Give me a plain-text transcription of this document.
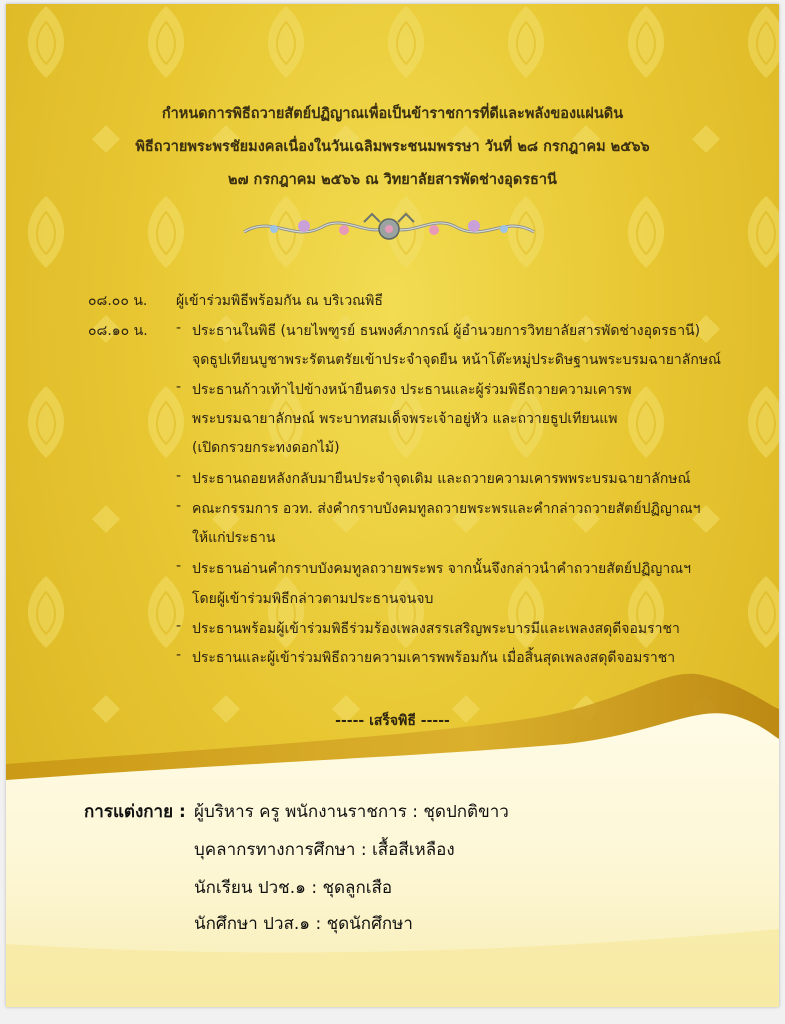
กำหนดการพิธีถวายสัตย์ปฏิญาณเพื่อเป็นข้าราชการที่ดีและพลังของแผ่นดิน
พิธีถวายพระพรชัยมงคลเนื่องในวันเฉลิมพระชนมพรรษา วันที่ ๒๘ กรกฎาคม ๒๕๖๖
๒๗ กรกฎาคม ๒๕๖๖ ณ วิทยาลัยสารพัดช่างอุดรธานี
๐๘.๐๐ น. ผู้เข้าร่วมพิธีพร้อมกัน ณ บริเวณพิธี
๐๘.๑๐ น. - ประธานในพิธี (นายไพฑูรย์ ธนพงศ์ภากรณ์ ผู้อำนวยการวิทยาลัยสารพัดช่างอุดรธานี)
จุดธูปเทียนบูชาพระรัตนตรัยเข้าประจำจุดยืน หน้าโต๊ะหมู่ประดิษฐานพระบรมฉายาลักษณ์
- ประธานก้าวเท้าไปข้างหน้ายืนตรง ประธานและผู้ร่วมพิธีถวายความเคารพ
พระบรมฉายาลักษณ์ พระบาทสมเด็จพระเจ้าอยู่หัว และถวายธูปเทียนแพ
(เปิดกรวยกระทงดอกไม้)
- ประธานถอยหลังกลับมายืนประจำจุดเดิม และถวายความเคารพพระบรมฉายาลักษณ์
- คณะกรรมการ อวท. ส่งคำกราบบังคมทูลถวายพระพรและคำกล่าวถวายสัตย์ปฏิญาณฯ
ให้แก่ประธาน
- ประธานอ่านคำกราบบังคมทูลถวายพระพร จากนั้นจึงกล่าวนำคำถวายสัตย์ปฏิญาณฯ
โดยผู้เข้าร่วมพิธีกล่าวตามประธานจนจบ
- ประธานพร้อมผู้เข้าร่วมพิธีร่วมร้องเพลงสรรเสริญพระบารมีและเพลงสดุดีจอมราชา
- ประธานและผู้เข้าร่วมพิธีถวายความเคารพพร้อมกัน เมื่อสิ้นสุดเพลงสดุดีจอมราชา
----- เสร็จพิธี -----
การแต่งกาย : ผู้บริหาร ครู พนักงานราชการ : ชุดปกติขาว
บุคลากรทางการศึกษา : เสื้อสีเหลือง
นักเรียน ปวช.๑ : ชุดลูกเสือ
นักศึกษา ปวส.๑ : ชุดนักศึกษา
